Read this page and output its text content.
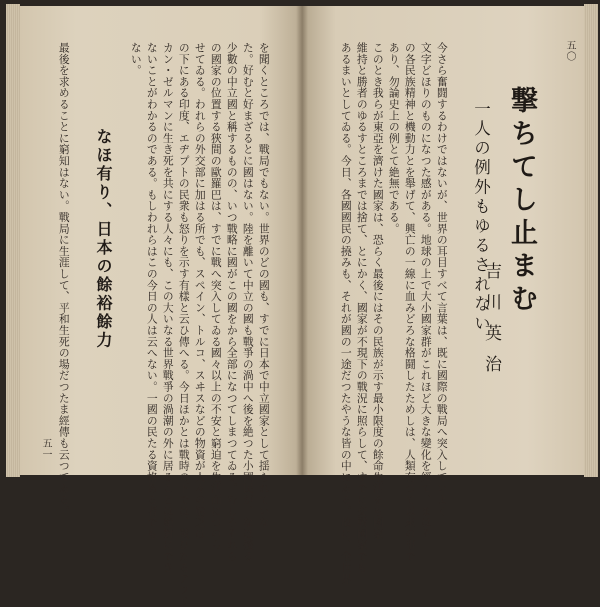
を聞くところでは、戰局でもない。世界のどの國も、すでに日本で中立國家として揺られていな
た。好むと好まざるとに國はない。陸を離いて中立の國も戰爭の渦中へ後を絶つた小國民が、なほ殘る
少數の中立國と稱するものの、いつ戰略に國がこの國をから全部になつてしまつてゐる。むしろそれら
の國家の位置する狹間の歐羅巴は、すでに戰へ突入してゐる國々以上の不安と窮迫を生活面につのら
せてゐる。われらの外交部に加はる所でも、スペイン、トルコ、スヰスなどの物資が人々の窮乏は
の下にある印度、エヂプトの民衆も怒りを示す有樣と云ひ傳へる。今日ほかとは戰時の下では、戰ひたるアフリ
カン・ゼルマンに生き死を共にする人々にも、この大いなる世界戰爭の渦潮の外に居ることは絶對にでき
ないことがわかるのである。もしわれらはこの今日の人は云へない。一國の民たる資格ある者でも
ない。
なほ有り、日本の餘裕餘力
最後を求めることに窮知はない。戰局に生涯して、平和生死の場だつたま經傳も云つてゐる。
五一
五〇
撃ちてし止まむ
一人の例外もゆるされない
吉川英治
今さら奮闘するわけではないが、世界の耳目すべて言葉は、既に國際の戰局へ突入していよく
文字どほりのものになつた感がある。地球の上で大小國家群がこれほど大きな變化を經て、まはそ
の各民族精神と機動力とを舉げて、興亡の一線に血みどろな格鬪したためしは、人類有つて以來の事で
あり、勿論史上の例とて絶無である。
このとき我らが東亞を濟けた國家は、恐らく最後にはその民族が示す最小限度の餘命生活をも國家
維持と勝者のゆるすところまでは捨て、とにかく、國家が不現下の戰況に照らして、すでに交戰國家でも
あるまいとしてゐる。今日、各國國民の撓みも、それが國の一途だつたやうな皆の中にゐる。故に、全世界
